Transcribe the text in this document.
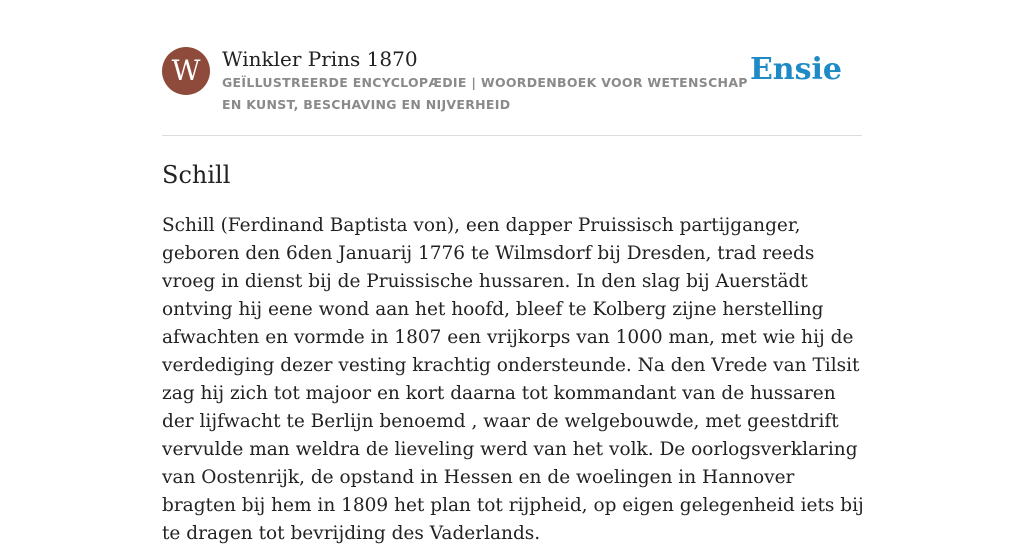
W	Winkler Prins 1870
GEÏLLUSTREERDE ENCYCLOPÆDIE | WOORDENBOEK VOOR WETENSCHAP EN KUNST, BESCHAVING EN NIJVERHEID
Ensie
Schill

Schill (Ferdinand Baptista von), een dapper Pruissisch partijganger, geboren den 6den Januarij 1776 te Wilmsdorf bij Dresden, trad reeds vroeg in dienst bij de Pruissische hussaren. In den slag bij Auerstädt ontving hij eene wond aan het hoofd, bleef te Kolberg zijne herstelling afwachten en vormde in 1807 een vrijkorps van 1000 man, met wie hij de verdediging dezer vesting krachtig ondersteunde. Na den Vrede van Tilsit zag hij zich tot majoor en kort daarna tot kommandant van de hussaren der lijfwacht te Berlijn benoemd , waar de welgebouwde, met geestdrift vervulde man weldra de lieveling werd van het volk. De oorlogsverklaring van Oostenrijk, de opstand in Hessen en de woelingen in Hannover bragten bij hem in 1809 het plan tot rijpheid, op eigen gelegenheid iets bij te dragen tot bevrijding des Vaderlands.
